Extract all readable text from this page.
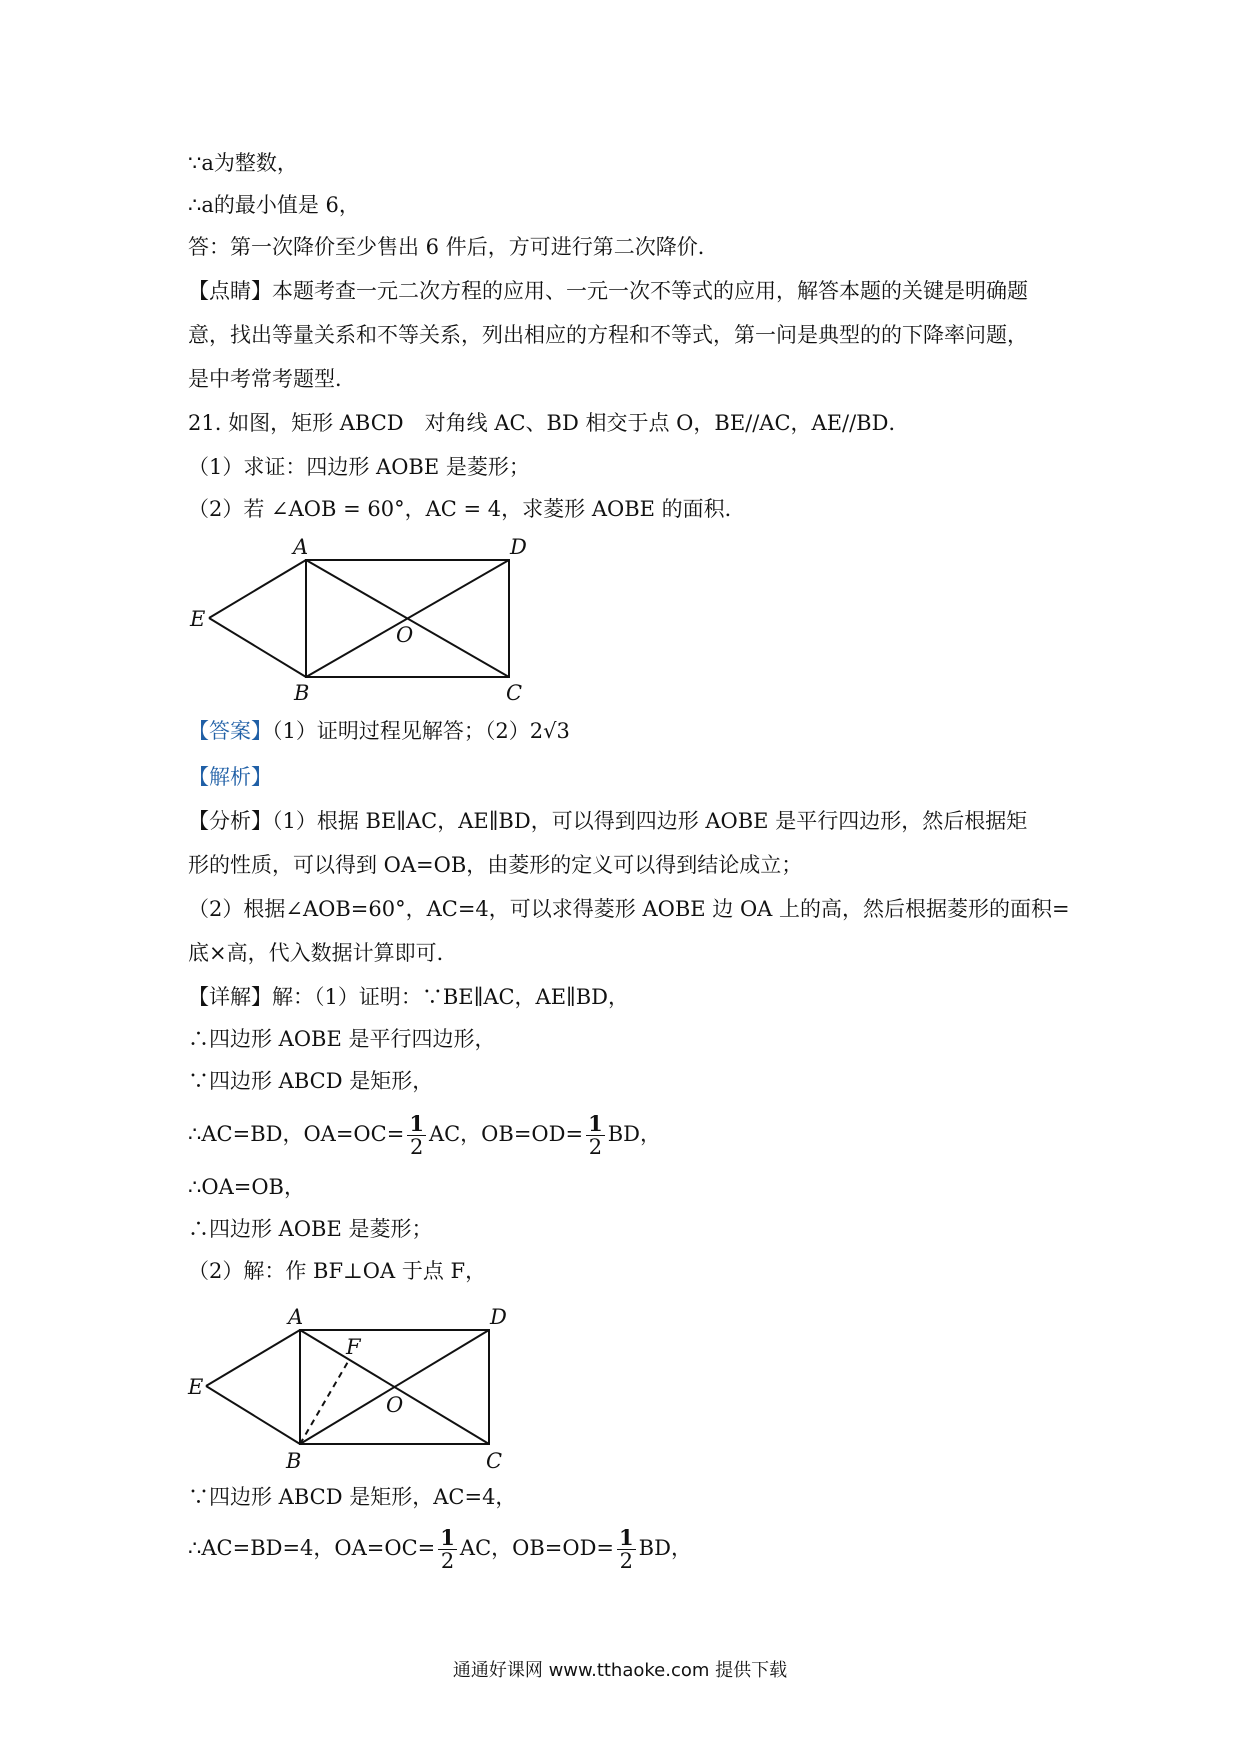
∵a为整数，
∴a的最小值是 6，
答：第一次降价至少售出 6 件后，方可进行第二次降价．
【点睛】本题考查一元二次方程的应用、一元一次不等式的应用，解答本题的关键是明确题
意，找出等量关系和不等关系，列出相应的方程和不等式，第一问是典型的的下降率问题，
是中考常考题型．
21. 如图，矩形 ABCD　对角线 AC、BD 相交于点 O，BE//AC，AE//BD．
（1）求证：四边形 AOBE 是菱形；
（2）若 ∠AOB = 60°，AC = 4，求菱形 AOBE 的面积．
A	D
E
O
B	C
【答案】（1）证明过程见解答；（2）2√3
【解析】
【分析】（1）根据 BE∥AC，AE∥BD，可以得到四边形 AOBE 是平行四边形，然后根据矩
形的性质，可以得到 OA=OB，由菱形的定义可以得到结论成立；
（2）根据∠AOB=60°，AC=4，可以求得菱形 AOBE 边 OA 上的高，然后根据菱形的面积=
底×高，代入数据计算即可．
【详解】解：（1）证明：∵BE∥AC，AE∥BD，
∴四边形 AOBE 是平行四边形，
∵四边形 ABCD 是矩形，
∴AC=BD，$OA=OC= \frac{1}{2}$ AC，$OB=OD= \frac{1}{2}$ BD，
∴OA=OB，
∴四边形 AOBE 是菱形；
（2）解：作 BF⊥OA 于点 F，
A	D
F
E
O
B	C
∵四边形 ABCD 是矩形，AC=4，
∴AC=BD=4，$OA=OC= \frac{1}{2}$ AC，$OB=OD= \frac{1}{2}$ BD，
通通好课网 www.tthaoke.com 提供下载
